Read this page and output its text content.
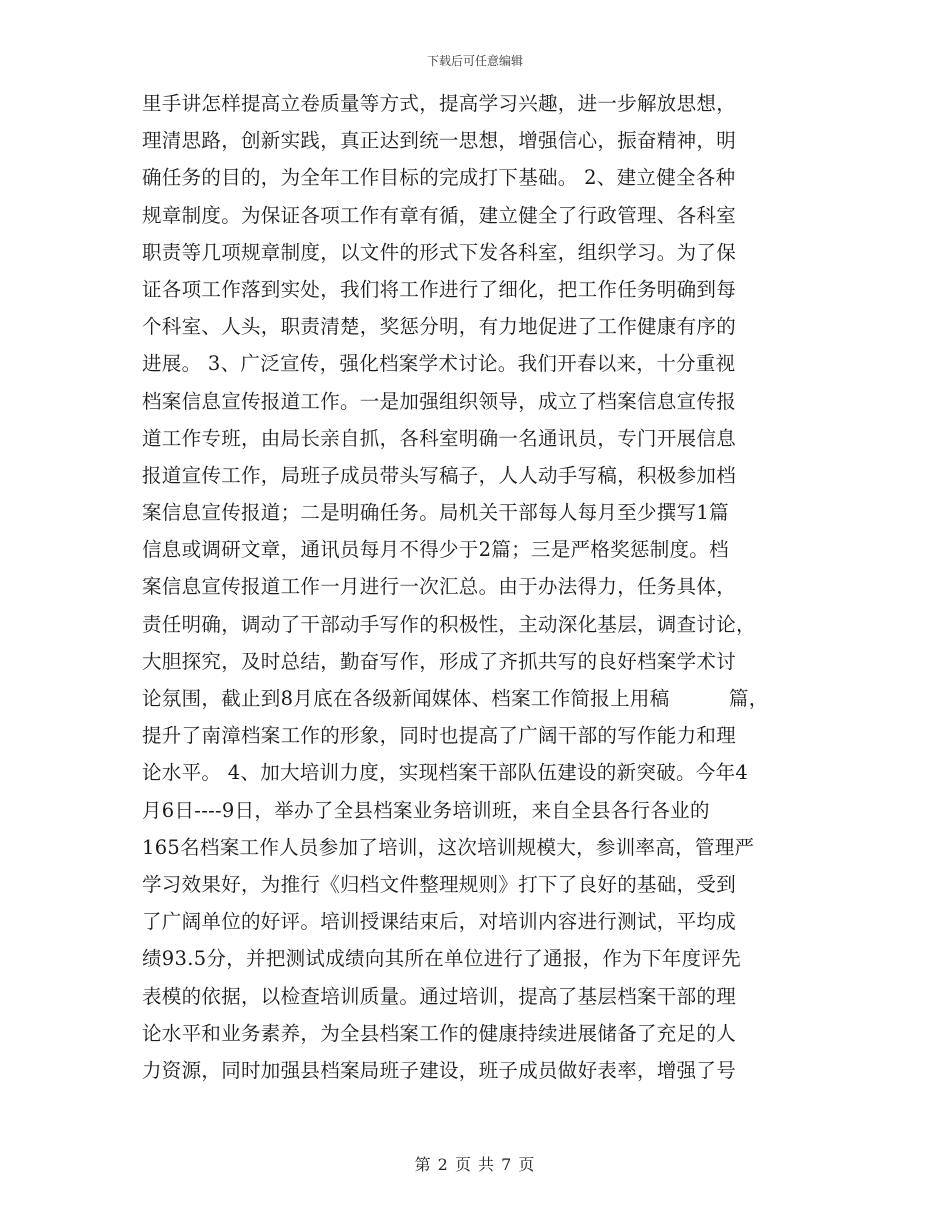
下载后可任意编辑
里手讲怎样提高立卷质量等方式，提高学习兴趣，进一步解放思想，
理清思路，创新实践，真正达到统一思想，增强信心，振奋精神，明
确任务的目的，为全年工作目标的完成打下基础。 2、建立健全各种
规章制度。为保证各项工作有章有循，建立健全了行政管理、各科室
职责等几项规章制度，以文件的形式下发各科室，组织学习。为了保
证各项工作落到实处，我们将工作进行了细化，把工作任务明确到每
个科室、人头，职责清楚，奖惩分明，有力地促进了工作健康有序的
进展。 3、广泛宣传，强化档案学术讨论。我们开春以来，十分重视
档案信息宣传报道工作。一是加强组织领导，成立了档案信息宣传报
道工作专班，由局长亲自抓，各科室明确一名通讯员，专门开展信息
报道宣传工作，局班子成员带头写稿子，人人动手写稿，积极参加档
案信息宣传报道；二是明确任务。局机关干部每人每月至少撰写1篇
信息或调研文章，通讯员每月不得少于2篇；三是严格奖惩制度。档
案信息宣传报道工作一月进行一次汇总。由于办法得力，任务具体，
责任明确，调动了干部动手写作的积极性，主动深化基层，调查讨论，
大胆探究，及时总结，勤奋写作，形成了齐抓共写的良好档案学术讨
论氛围，截止到8月底在各级新闻媒体、档案工作简报上用稿　　　篇，
提升了南漳档案工作的形象，同时也提高了广阔干部的写作能力和理
论水平。 4、加大培训力度，实现档案干部队伍建设的新突破。今年4
月6日----9日，举办了全县档案业务培训班，来自全县各行各业的
165名档案工作人员参加了培训，这次培训规模大，参训率高，管理严
学习效果好，为推行《归档文件整理规则》打下了良好的基础，受到
了广阔单位的好评。培训授课结束后，对培训内容进行测试，平均成
绩93.5分，并把测试成绩向其所在单位进行了通报，作为下年度评先
表模的依据，以检查培训质量。通过培训，提高了基层档案干部的理
论水平和业务素养，为全县档案工作的健康持续进展储备了充足的人
力资源，同时加强县档案局班子建设，班子成员做好表率，增强了号
第 2 页 共 7 页
